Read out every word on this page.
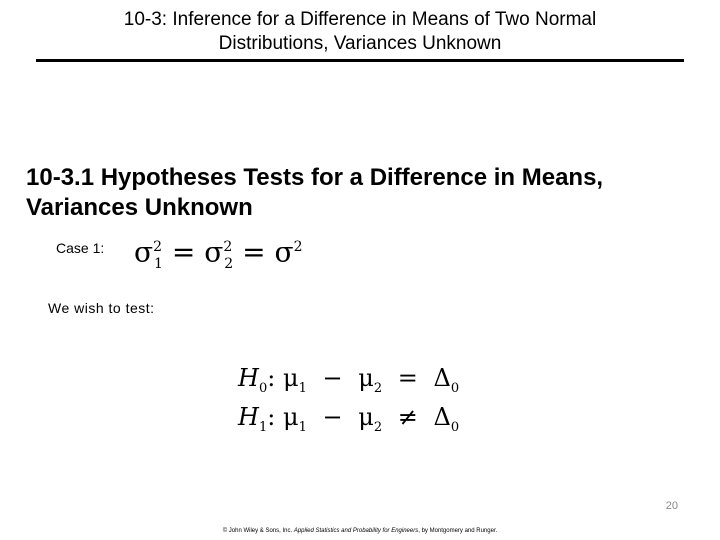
10-3: Inference for a Difference in Means of Two Normal
Distributions, Variances Unknown
10-3.1 Hypotheses Tests for a Difference in Means,
Variances Unknown
Case 1: $\sigma^2_1 = \sigma^2_2 = \sigma^2$
We wish to test:
$H_0$: $\mu_1 - \mu_2 = \Delta_0$
$H_1$: $\mu_1 - \mu_2 \ne \Delta_0$
20
© John Wiley & Sons, Inc. Applied Statistics and Probability for Engineers, by Montgomery and Runger.
